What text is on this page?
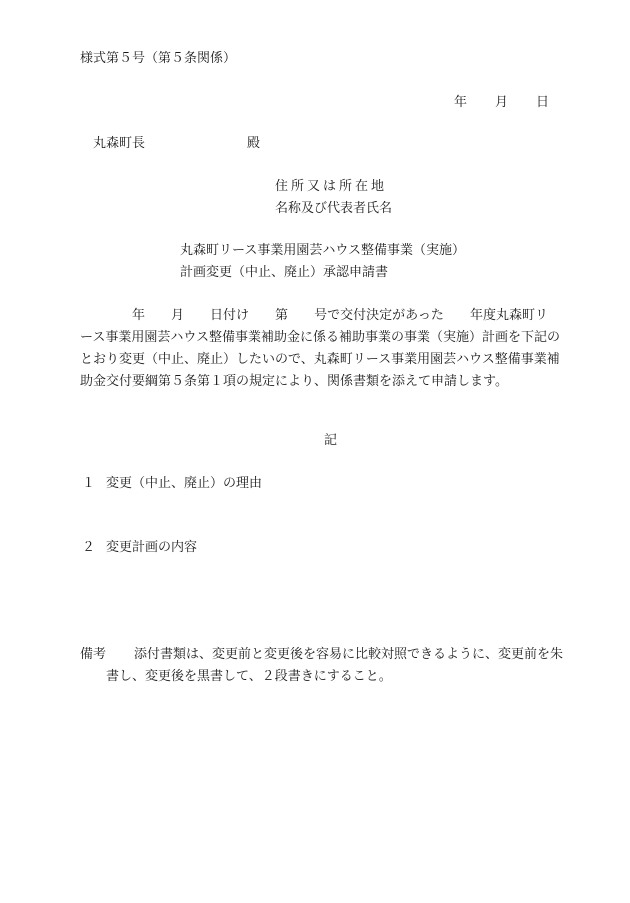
様式第５号（第５条関係）
年 月 日
丸森町長	殿
住所又は所在地
名称及び代表者氏名
丸森町リース事業用園芸ハウス整備事業（実施）
計画変更（中止、廃止）承認申請書
年 月 日付け 第 号で交付決定があった 年度丸森町リ
ース事業用園芸ハウス整備事業補助金に係る補助事業の事業（実施）計画を下記の
とおり変更（中止、廃止）したいので、丸森町リース事業用園芸ハウス整備事業補
助金交付要綱第５条第１項の規定により、関係書類を添えて申請します。
記
１ 変更（中止、廃止）の理由
２ 変更計画の内容
備考 添付書類は、変更前と変更後を容易に比較対照できるように、変更前を朱
書し、変更後を黒書して、２段書きにすること。
